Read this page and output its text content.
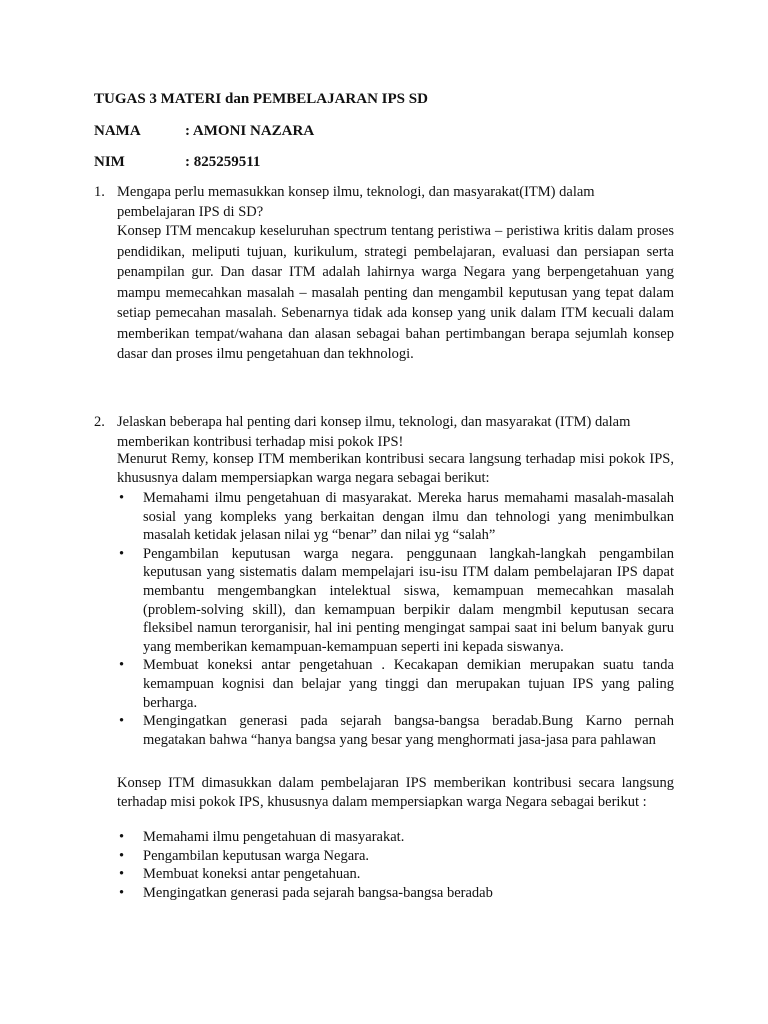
TUGAS 3 MATERI dan PEMBELAJARAN IPS SD
NAMA	: AMONI NAZARA
NIM	: 825259511
1. Mengapa perlu memasukkan konsep ilmu, teknologi, dan masyarakat(ITM) dalam pembelajaran IPS di SD?

Konsep ITM mencakup keseluruhan spectrum tentang peristiwa – peristiwa kritis dalam proses pendidikan, meliputi tujuan, kurikulum, strategi pembelajaran, evaluasi dan persiapan serta penampilan gur. Dan dasar ITM adalah lahirnya warga Negara yang berpengetahuan yang mampu memecahkan masalah – masalah penting dan mengambil keputusan yang tepat dalam setiap pemecahan masalah. Sebenarnya tidak ada konsep yang unik dalam ITM kecuali dalam memberikan tempat/wahana dan alasan sebagai bahan pertimbangan berapa sejumlah konsep dasar dan proses ilmu pengetahuan dan tekhnologi.

2. Jelaskan beberapa hal penting dari konsep ilmu, teknologi, dan masyarakat (ITM) dalam memberikan kontribusi terhadap misi pokok IPS!

Menurut Remy, konsep ITM memberikan kontribusi secara langsung terhadap misi pokok IPS, khususnya dalam mempersiapkan warga negara sebagai berikut:

• Memahami ilmu pengetahuan di masyarakat. Mereka harus memahami masalah-masalah sosial yang kompleks yang berkaitan dengan ilmu dan tehnologi yang menimbulkan masalah ketidak jelasan nilai yg “benar” dan nilai yg “salah”
• Pengambilan keputusan warga negara. penggunaan langkah-langkah pengambilan keputusan yang sistematis dalam mempelajari isu-isu ITM dalam pembelajaran IPS dapat membantu mengembangkan intelektual siswa, kemampuan memecahkan masalah (problem-solving skill), dan kemampuan berpikir dalam mengmbil keputusan secara fleksibel namun terorganisir, hal ini penting mengingat sampai saat ini belum banyak guru yang memberikan kemampuan-kemampuan seperti ini kepada siswanya.
• Membuat koneksi antar pengetahuan . Kecakapan demikian merupakan suatu tanda kemampuan kognisi dan belajar yang tinggi dan merupakan tujuan IPS yang paling berharga.
• Mengingatkan generasi pada sejarah bangsa-bangsa beradab.Bung Karno pernah megatakan bahwa “hanya bangsa yang besar yang menghormati jasa-jasa para pahlawan

Konsep ITM dimasukkan dalam pembelajaran IPS memberikan kontribusi secara langsung terhadap misi pokok IPS, khususnya dalam mempersiapkan warga Negara sebagai berikut :

• Memahami ilmu pengetahuan di masyarakat.
• Pengambilan keputusan warga Negara.
• Membuat koneksi antar pengetahuan.
• Mengingatkan generasi pada sejarah bangsa-bangsa beradab
